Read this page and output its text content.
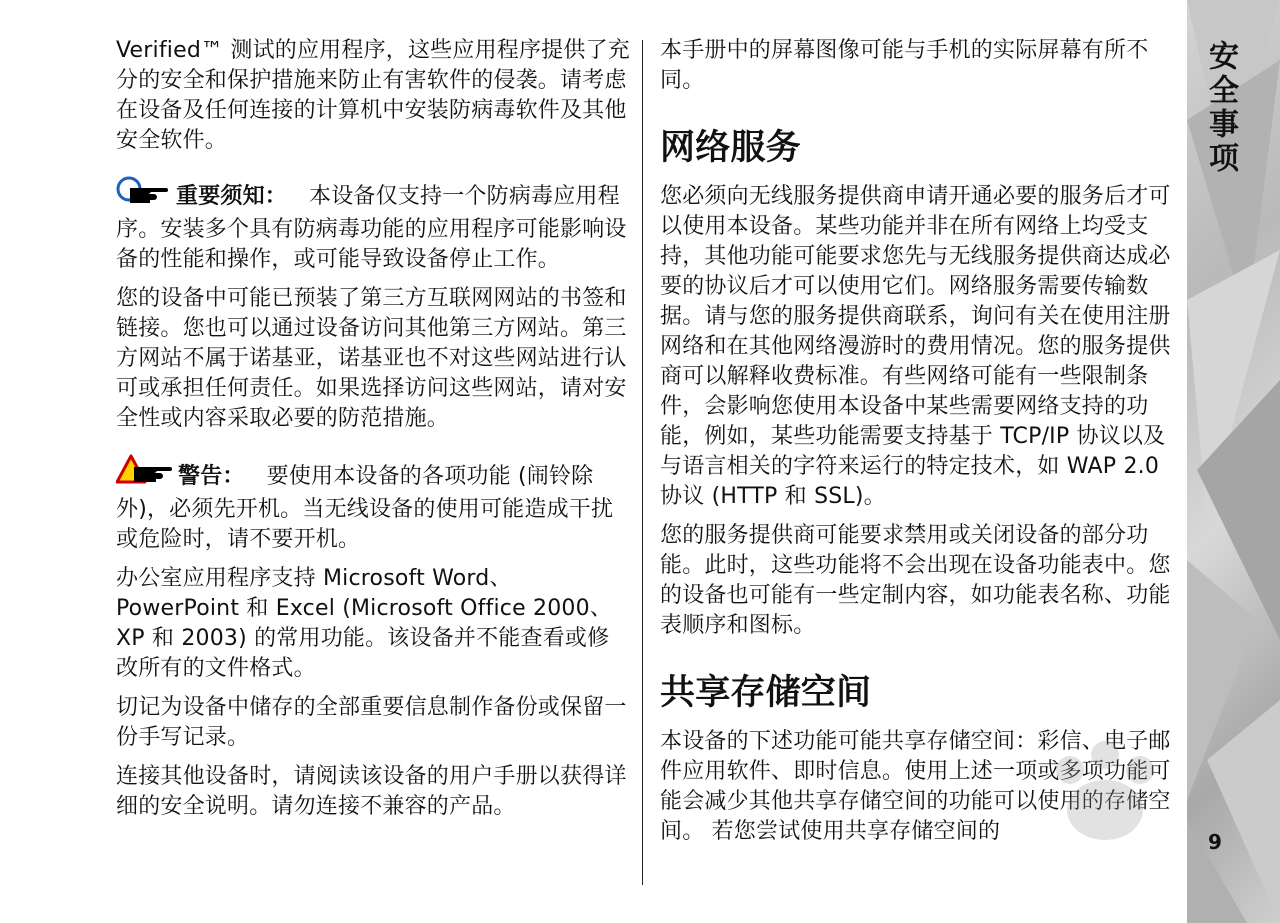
Verified™ 测试的应用程序，这些应用程序提供了充分的安全和保护措施来防止有害软件的侵袭。请考虑在设备及任何连接的计算机中安装防病毒软件及其他安全软件。

重要须知： 本设备仅支持一个防病毒应用程序。安装多个具有防病毒功能的应用程序可能影响设备的性能和操作，或可能导致设备停止工作。

您的设备中可能已预装了第三方互联网网站的书签和链接。您也可以通过设备访问其他第三方网站。第三方网站不属于诺基亚，诺基亚也不对这些网站进行认可或承担任何责任。如果选择访问这些网站，请对安全性或内容采取必要的防范措施。

警告： 要使用本设备的各项功能 (闹铃除外)，必须先开机。当无线设备的使用可能造成干扰或危险时，请不要开机。

办公室应用程序支持 Microsoft Word、PowerPoint 和 Excel (Microsoft Office 2000、XP 和 2003) 的常用功能。该设备并不能查看或修改所有的文件格式。

切记为设备中储存的全部重要信息制作备份或保留一份手写记录。

连接其他设备时，请阅读该设备的用户手册以获得详细的安全说明。请勿连接不兼容的产品。

本手册中的屏幕图像可能与手机的实际屏幕有所不同。

网络服务

您必须向无线服务提供商申请开通必要的服务后才可以使用本设备。某些功能并非在所有网络上均受支持，其他功能可能要求您先与无线服务提供商达成必要的协议后才可以使用它们。网络服务需要传输数据。请与您的服务提供商联系，询问有关在使用注册网络和在其他网络漫游时的费用情况。您的服务提供商可以解释收费标准。有些网络可能有一些限制条件，会影响您使用本设备中某些需要网络支持的功能，例如，某些功能需要支持基于 TCP/IP 协议以及与语言相关的字符来运行的特定技术，如 WAP 2.0 协议 (HTTP 和 SSL)。

您的服务提供商可能要求禁用或关闭设备的部分功能。此时，这些功能将不会出现在设备功能表中。您的设备也可能有一些定制内容，如功能表名称、功能表顺序和图标。

共享存储空间

本设备的下述功能可能共享存储空间：彩信、电子邮件应用软件、即时信息。使用上述一项或多项功能可能会减少其他共享存储空间的功能可以使用的存储空间。 若您尝试使用共享存储空间的

安全事项
9
